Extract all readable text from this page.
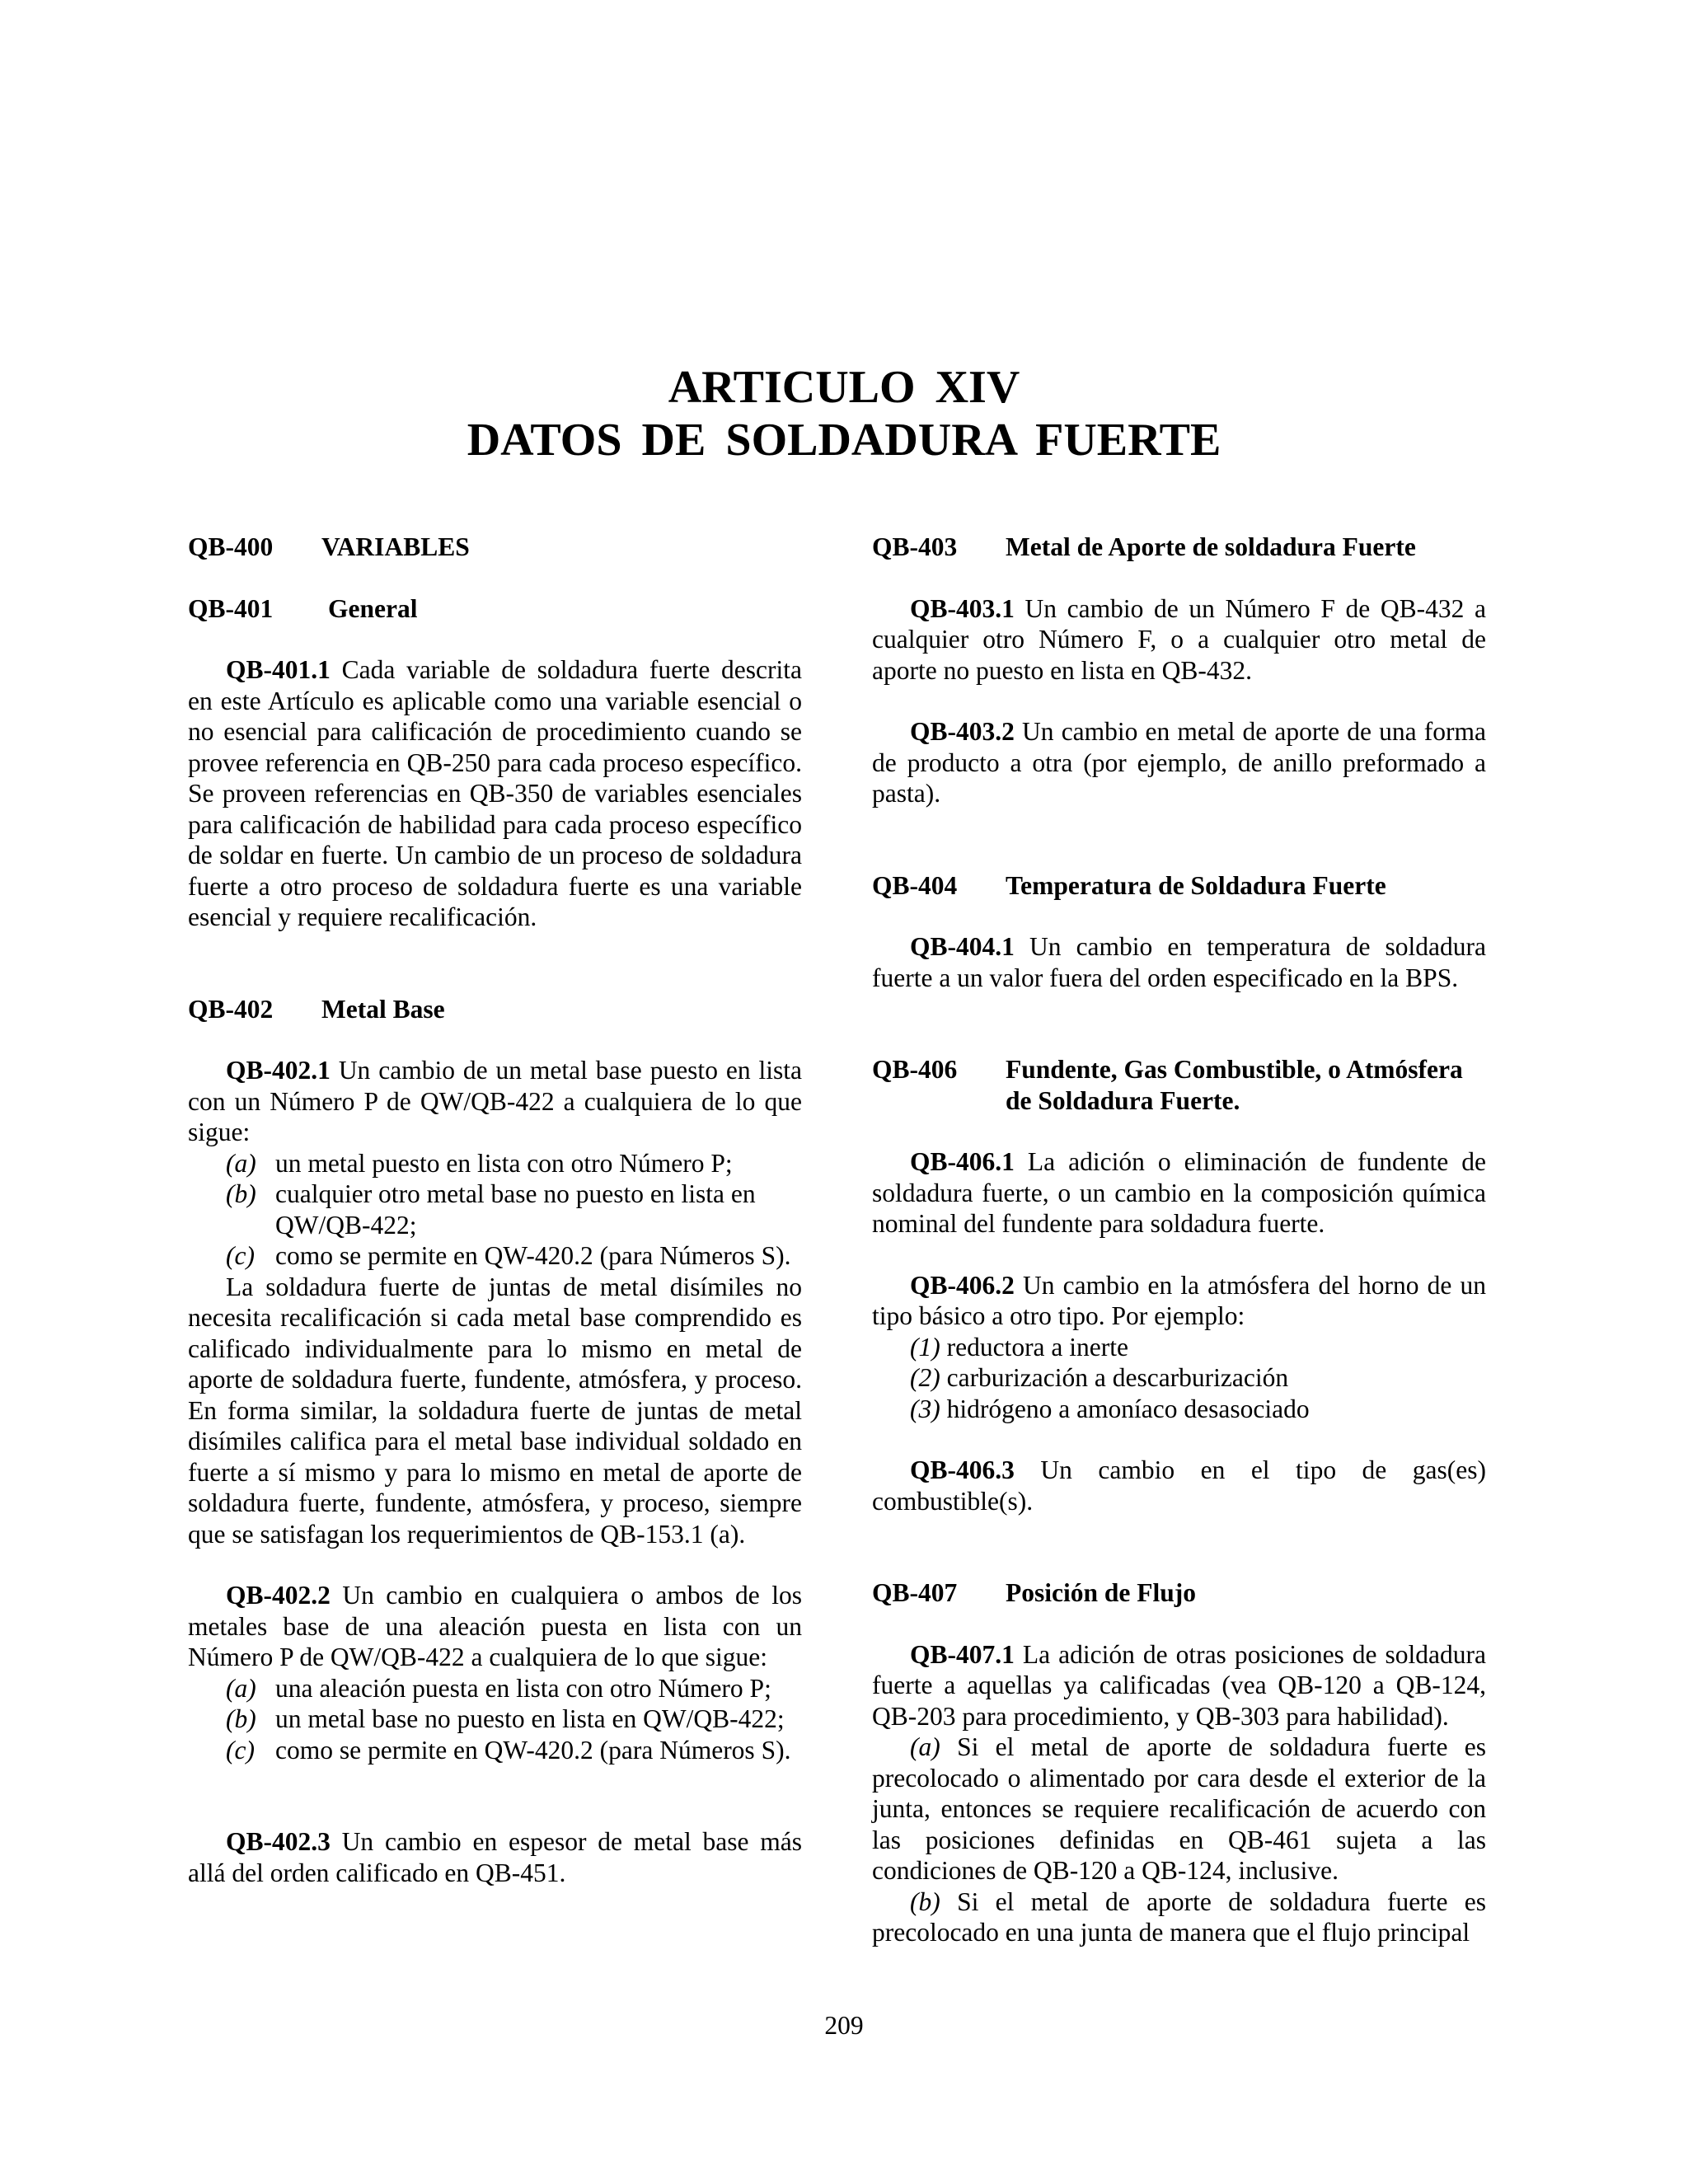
ARTICULO XIV
DATOS DE SOLDADURA FUERTE
QB-400	VARIABLES
QB-401	General

QB-401.1 Cada variable de soldadura fuerte descrita en este Artículo es aplicable como una variable esencial o no esencial para calificación de procedimiento cuando se provee referencia en QB-250 para cada proceso específico. Se proveen referencias en QB-350 de variables esenciales para calificación de habilidad para cada proceso específico de soldar en fuerte. Un cambio de un proceso de soldadura fuerte a otro proceso de soldadura fuerte es una variable esencial y requiere recalificación.

QB-402	Metal Base

QB-402.1 Un cambio de un metal base puesto en lista con un Número P de QW/QB-422 a cualquiera de lo que sigue:

(a) un metal puesto en lista con otro Número P;
(b) cualquier otro metal base no puesto en lista en QW/QB-422;
(c) como se permite en QW-420.2 (para Números S).

La soldadura fuerte de juntas de metal disímiles no necesita recalificación si cada metal base comprendido es calificado individualmente para lo mismo en metal de aporte de soldadura fuerte, fundente, atmósfera, y proceso. En forma similar, la soldadura fuerte de juntas de metal disímiles califica para el metal base individual soldado en fuerte a sí mismo y para lo mismo en metal de aporte de soldadura fuerte, fundente, atmósfera, y proceso, siempre que se satisfagan los requerimientos de QB-153.1 (a).

QB-402.2 Un cambio en cualquiera o ambos de los metales base de una aleación puesta en lista con un Número P de QW/QB-422 a cualquiera de lo que sigue:

(a) una aleación puesta en lista con otro Número P;
(b) un metal base no puesto en lista en QW/QB-422;
(c) como se permite en QW-420.2 (para Números S).

QB-402.3 Un cambio en espesor de metal base más allá del orden calificado en QB-451.

QB-403	Metal de Aporte de soldadura Fuerte

QB-403.1 Un cambio de un Número F de QB-432 a cualquier otro Número F, o a cualquier otro metal de aporte no puesto en lista en QB-432.

QB-403.2 Un cambio en metal de aporte de una forma de producto a otra (por ejemplo, de anillo preformado a pasta).

QB-404	Temperatura de Soldadura Fuerte

QB-404.1 Un cambio en temperatura de soldadura fuerte a un valor fuera del orden especificado en la BPS.

QB-406	Fundente, Gas Combustible, o Atmósfera
de Soldadura Fuerte.

QB-406.1 La adición o eliminación de fundente de soldadura fuerte, o un cambio en la composición química nominal del fundente para soldadura fuerte.

QB-406.2 Un cambio en la atmósfera del horno de un tipo básico a otro tipo. Por ejemplo:

(1) reductora a inerte
(2) carburización a descarburización
(3) hidrógeno a amoníaco desasociado

QB-406.3 Un cambio en el tipo de gas(es) combustible(s).

QB-407	Posición de Flujo

QB-407.1 La adición de otras posiciones de soldadura fuerte a aquellas ya calificadas (vea QB-120 a QB-124, QB-203 para procedimiento, y QB-303 para habilidad).

(a) Si el metal de aporte de soldadura fuerte es precolocado o alimentado por cara desde el exterior de la junta, entonces se requiere recalificación de acuerdo con las posiciones definidas en QB-461 sujeta a las condiciones de QB-120 a QB-124, inclusive.

(b) Si el metal de aporte de soldadura fuerte es precolocado en una junta de manera que el flujo principal

209
